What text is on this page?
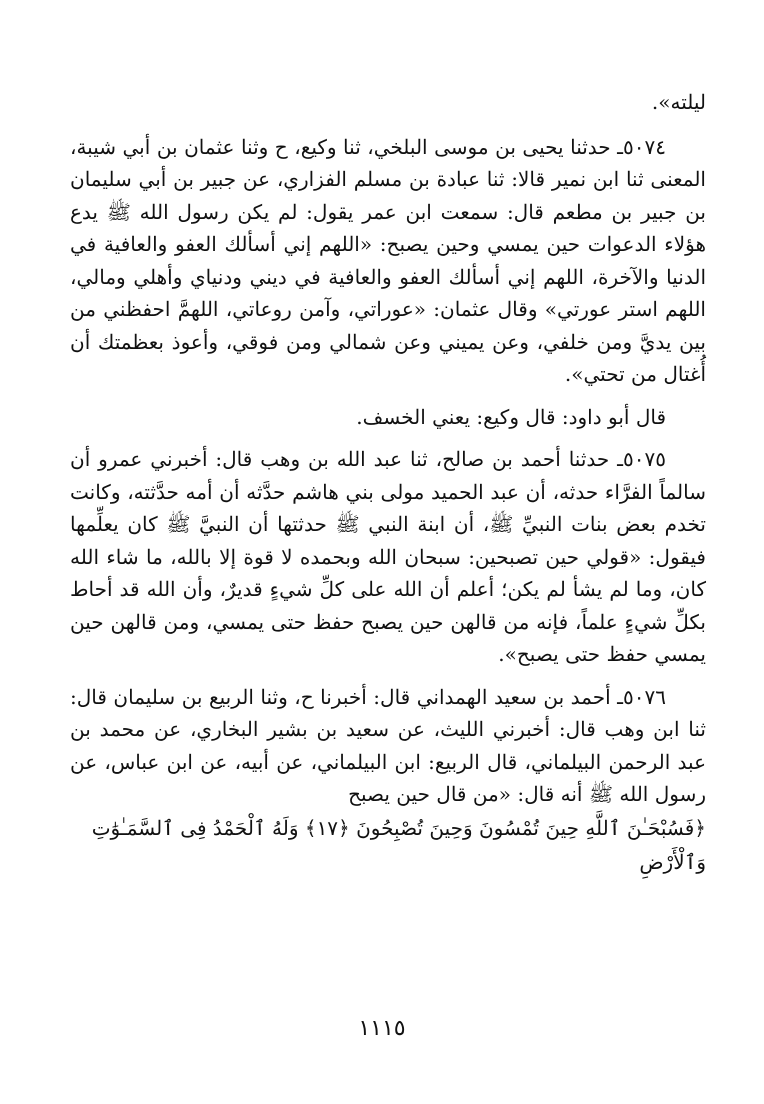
ليلته».

٥٠٧٤ـ حدثنا يحيى بن موسى البلخي، ثنا وكيع، ح وثنا عثمان بن أبي شيبة، المعنى ثنا ابن نمير قالا: ثنا عبادة بن مسلم الفزاري، عن جبير بن أبي سليمان بن جبير بن مطعم قال: سمعت ابن عمر يقول: لم يكن رسول الله ﷺ يدع هؤلاء الدعوات حين يمسي وحين يصبح: «اللهم إني أسألك العفو والعافية في الدنيا والآخرة، اللهم إني أسألك العفو والعافية في ديني ودنياي وأهلي ومالي، اللهم استر عورتي» وقال عثمان: «عوراتي، وآمن روعاتي، اللهمَّ احفظني من بين يديَّ ومن خلفي، وعن يميني وعن شمالي ومن فوقي، وأعوذ بعظمتك أن أُغتال من تحتي».

قال أبو داود: قال وكيع: يعني الخسف.

٥٠٧٥ـ حدثنا أحمد بن صالح، ثنا عبد الله بن وهب قال: أخبرني عمرو أن سالماً الفرَّاء حدثه، أن عبد الحميد مولى بني هاشم حدَّثه أن أمه حدَّثته، وكانت تخدم بعض بنات النبيِّ ﷺ، أن ابنة النبي ﷺ حدثتها أن النبيَّ ﷺ كان يعلِّمها فيقول: «قولي حين تصبحين: سبحان الله وبحمده لا قوة إلا بالله، ما شاء الله كان، وما لم يشأ لم يكن؛ أعلم أن الله على كلِّ شيءٍ قديرٌ، وأن الله قد أحاط بكلِّ شيءٍ علماً، فإنه من قالهن حين يصبح حفظ حتى يمسي، ومن قالهن حين يمسي حفظ حتى يصبح».

٥٠٧٦ـ أحمد بن سعيد الهمداني قال: أخبرنا ح، وثنا الربيع بن سليمان قال: ثنا ابن وهب قال: أخبرني الليث، عن سعيد بن بشير البخاري، عن محمد بن عبد الرحمن البيلماني، قال الربيع: ابن البيلماني، عن أبيه، عن ابن عباس، عن رسول الله ﷺ أنه قال: «من قال حين يصبح

﴿فَسُبْحَـٰنَ ٱللَّهِ حِينَ تُمْسُونَ وَحِينَ تُصْبِحُونَ ﴿١٧﴾ وَلَهُ ٱلْحَمْدُ فِى ٱلسَّمَـٰوَٰتِ وَٱلْأَرْضِ
١١١٥
